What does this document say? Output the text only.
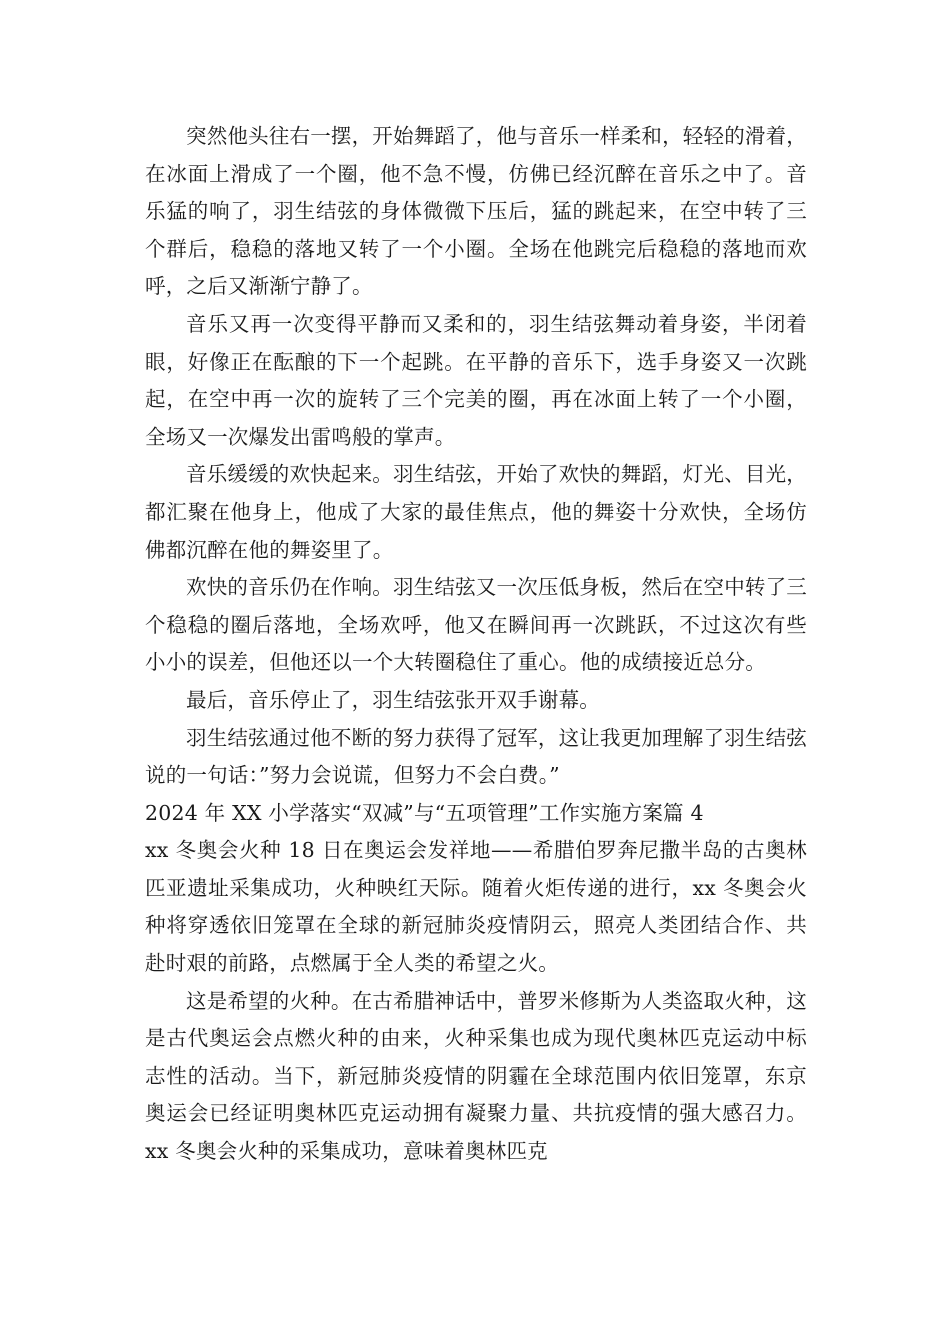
突然他头往右一摆，开始舞蹈了，他与音乐一样柔和，轻轻的滑着，在冰面上滑成了一个圈，他不急不慢，仿佛已经沉醉在音乐之中了。音乐猛的响了，羽生结弦的身体微微下压后，猛的跳起来，在空中转了三个群后，稳稳的落地又转了一个小圈。全场在他跳完后稳稳的落地而欢呼，之后又渐渐宁静了。

音乐又再一次变得平静而又柔和的，羽生结弦舞动着身姿，半闭着眼，好像正在酝酿的下一个起跳。在平静的音乐下，选手身姿又一次跳起，在空中再一次的旋转了三个完美的圈，再在冰面上转了一个小圈，全场又一次爆发出雷鸣般的掌声。

音乐缓缓的欢快起来。羽生结弦，开始了欢快的舞蹈，灯光、目光，都汇聚在他身上，他成了大家的最佳焦点，他的舞姿十分欢快，全场仿佛都沉醉在他的舞姿里了。

欢快的音乐仍在作响。羽生结弦又一次压低身板，然后在空中转了三个稳稳的圈后落地，全场欢呼，他又在瞬间再一次跳跃，不过这次有些小小的误差，但他还以一个大转圈稳住了重心。他的成绩接近总分。

最后，音乐停止了，羽生结弦张开双手谢幕。

羽生结弦通过他不断的努力获得了冠军，这让我更加理解了羽生结弦说的一句话：”努力会说谎，但努力不会白费。”

2024 年 XX 小学落实“双减”与“五项管理”工作实施方案篇 4

xx 冬奥会火种 18 日在奥运会发祥地——希腊伯罗奔尼撒半岛的古奥林匹亚遗址采集成功，火种映红天际。随着火炬传递的进行，xx 冬奥会火种将穿透依旧笼罩在全球的新冠肺炎疫情阴云，照亮人类团结合作、共赴时艰的前路，点燃属于全人类的希望之火。

这是希望的火种。在古希腊神话中，普罗米修斯为人类盗取火种，这是古代奥运会点燃火种的由来，火种采集也成为现代奥林匹克运动中标志性的活动。当下，新冠肺炎疫情的阴霾在全球范围内依旧笼罩，东京奥运会已经证明奥林匹克运动拥有凝聚力量、共抗疫情的强大感召力。xx 冬奥会火种的采集成功，意味着奥林匹克
